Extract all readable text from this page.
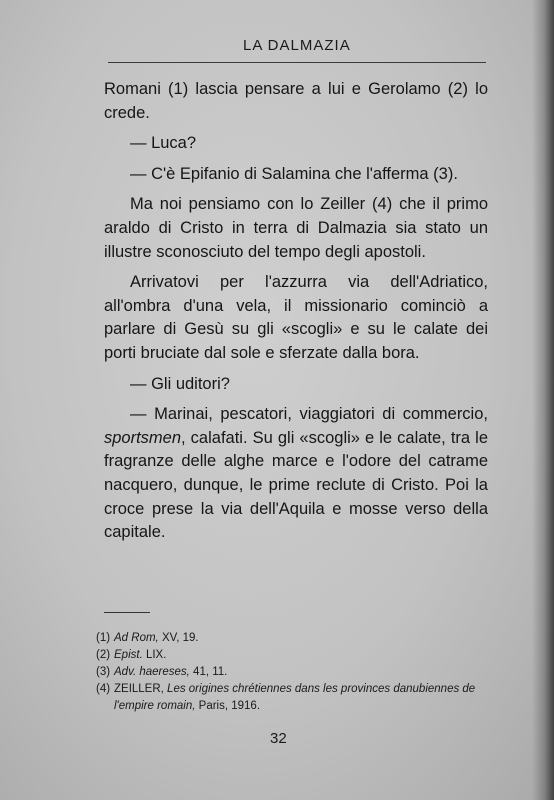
LA DALMAZIA

Romani (1) lascia pensare a lui e Gerolamo (2) lo crede.

— Luca?

— C'è Epifanio di Salamina che l'afferma (3).

Ma noi pensiamo con lo Zeiller (4) che il primo araldo di Cristo in terra di Dalmazia sia stato un illustre sconosciuto del tempo degli apostoli.

Arrivatovi per l'azzurra via dell'Adriatico, all'ombra d'una vela, il missionario cominciò a parlare di Gesù su gli «scogli» e su le calate dei porti bruciate dal sole e sferzate dalla bora.

— Gli uditori?

— Marinai, pescatori, viaggiatori di commercio, sportsmen, calafati. Su gli «scogli» e le calate, tra le fragranze delle alghe marce e l'odore del catrame nacquero, dunque, le prime reclute di Cristo. Poi la croce prese la via dell'Aquila e mosse verso della capitale.

(1) Ad Rom, XV, 19.

(2) Epist. LIX.

(3) Adv. haereses, 41, 11.

(4) ZEILLER, Les origines chrétiennes dans les provinces danubiennes de l'empire romain, Paris, 1916.

32
